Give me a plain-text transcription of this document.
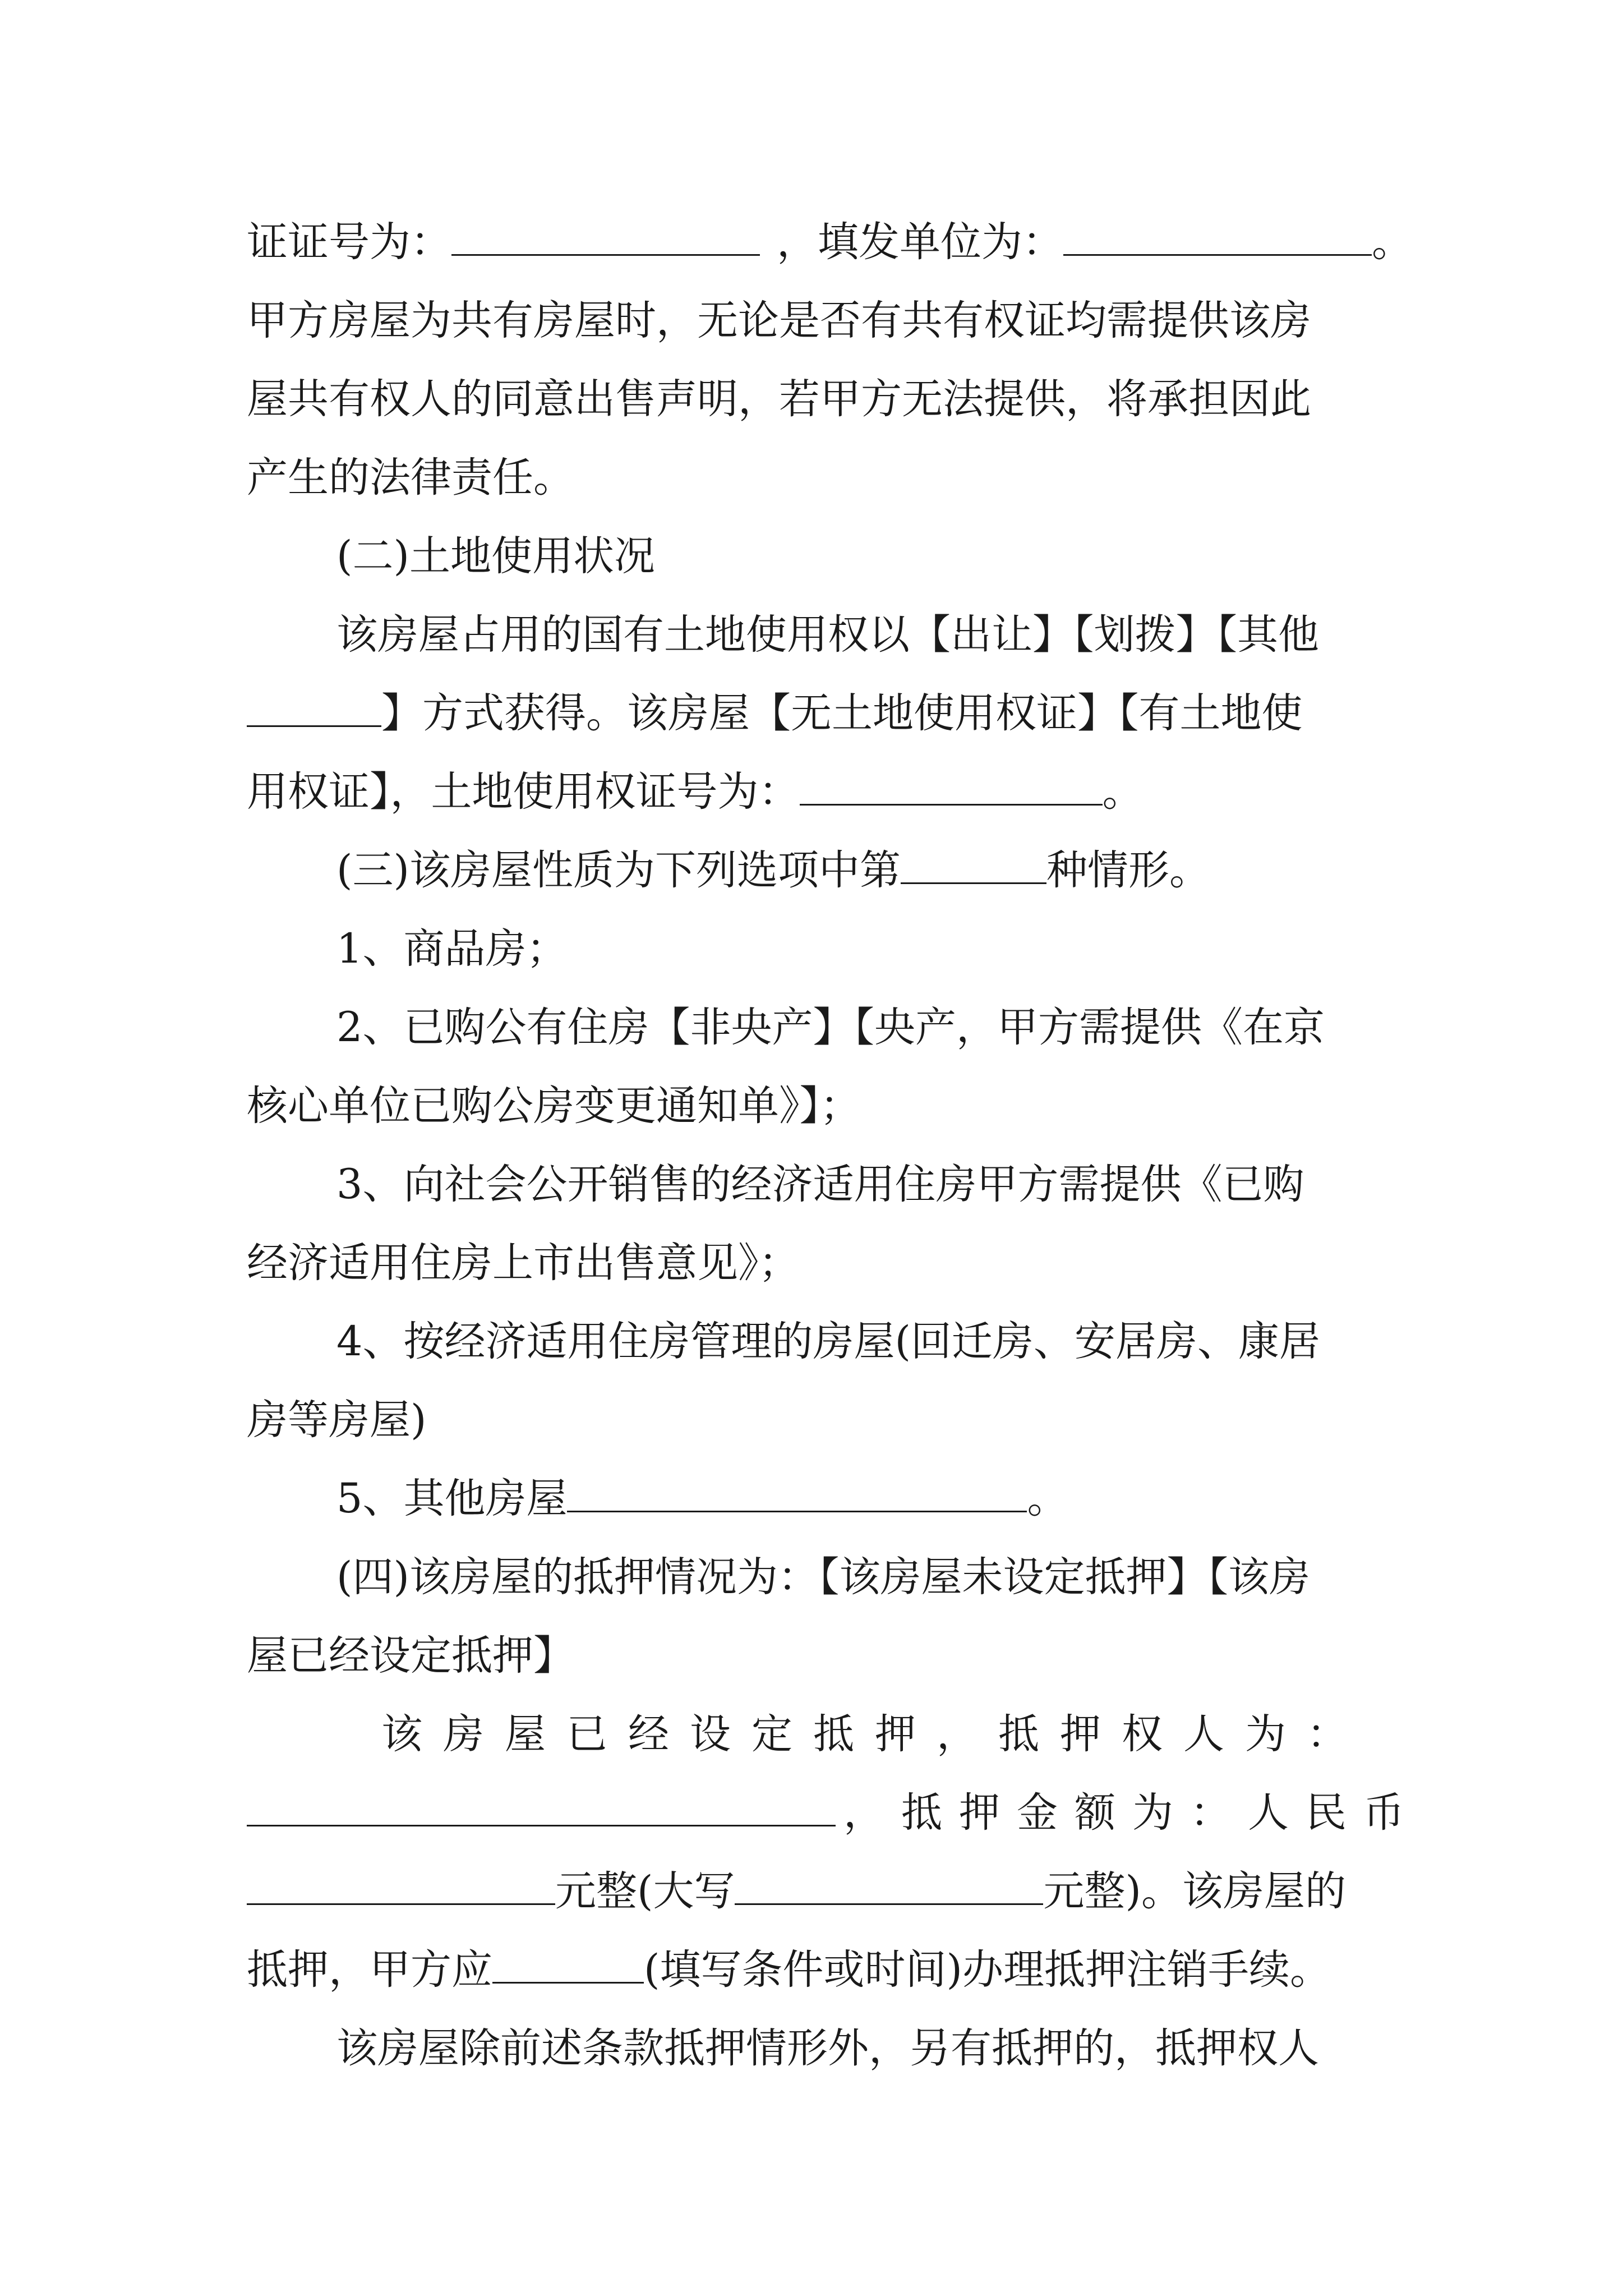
证证号为：	，填发单位为：	。
甲方房屋为共有房屋时，无论是否有共有权证均需提供该房
屋共有权人的同意出售声明，若甲方无法提供，将承担因此
产生的法律责任。
(二)土地使用状况
该房屋占用的国有土地使用权以【出让】【划拨】【其他
】方式获得。该房屋【无土地使用权证】【有土地使
用权证】，土地使用权证号为：	。
(三)该房屋性质为下列选项中第	种情形。
1、商品房；
2、已购公有住房【非央产】【央产，甲方需提供《在京
核心单位已购公房变更通知单》】；
3、向社会公开销售的经济适用住房甲方需提供《已购
经济适用住房上市出售意见》；
4、按经济适用住房管理的房屋(回迁房、安居房、康居
房等房屋)
5、其他房屋	。
(四)该房屋的抵押情况为：【该房屋未设定抵押】【该房
屋已经设定抵押】
该房屋已经设定抵押，抵押权人为：
，抵押金额为：人民币
元整(大写	元整)。该房屋的
抵押，甲方应	(填写条件或时间)办理抵押注销手续。
该房屋除前述条款抵押情形外，另有抵押的，抵押权人
